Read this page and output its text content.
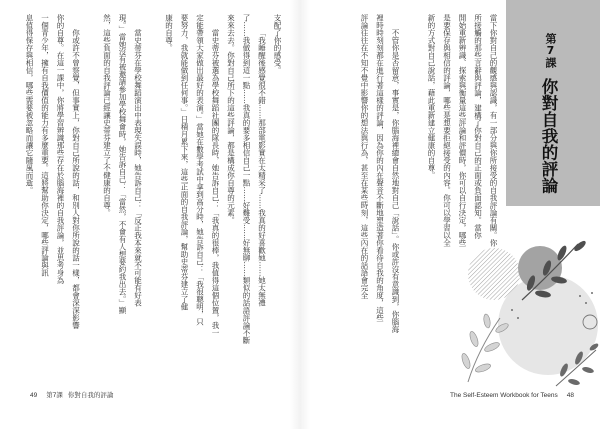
支配了你的感受。
「我睡醒後感覺很不錯……那部電影實在太精采了……我真的好喜歡她……她太無禮
了……我做得到這一點……我真的要多相信自己一點……好難受……好無聊……類似的話語評論不斷
來來去去。你對自己所下的這些評論，都是構成你自尊的元素。
當史蒂芬被選為學校舞蹈社團的隊長時，她告訴自己：「我真的很棒，我值得這個位置，我一
定能帶領大家做出最好的表演。」當她在數學考試中拿到高分時，她告訴自己：「我很聰明，只
要努力，我就能做到任何事。」日積月累下來，這些正面的自我評論，幫助史蒂芬建立了健
康的自尊。
當史蒂芬在學校舞蹈演出中表現失誤時，她告訴自己：「反正我本來就不可能有好表
現。」當她沒有被邀請參加學校舞會時，她告訴自己：「當然，不會有人想要約我出去。」顯
然，這些負面的自我評論已經讓史蒂芬建立了不健康的自尊。
你或許不曾察覺，但事實上，你對自己所說的話，和別人對你所說的話一樣，都會深深影響
你的自尊。在這一課中，你將學習辨識那些存在於腦海裡的自我評論，並思考身為
一個青少年，擁有自我價值的能力有多麼重要。這將幫助你決定，哪些評論與訊
息值得保存與相信，哪些需要被忽略而讓它隨風而逝。
49 第7課 你對自我的評論
第7課
你對自我的評論
當下你對自己的觀感與認識，有一部分與你所接受的自我評論有關。你
所接觸的那些言辭與評論，建構了你對自己的正面或負面認知。當你
開始重新辨識、探索與衡量這些評論和評價時，你可以自行決定，哪些
是要保存與相信的評論，哪些是想要拒絕接受的內容。你可以學習以全
新的方式對自己說話，藉此重新建立健康的自尊。
不管你是否留意，事實是，你腦海裡總會自然地對自己「說話」。你或許沒有意識到，你腦海
裡時時刻刻都在進行著這樣的評論，因為你的內在聲音不斷地塑造著你看待自我的角度，這些
評論往往在不知不覺中影響你的想法與行為，甚至在某些時刻，這些內在的話語會完全
The Self-Esteem Workbook for Teens 48
